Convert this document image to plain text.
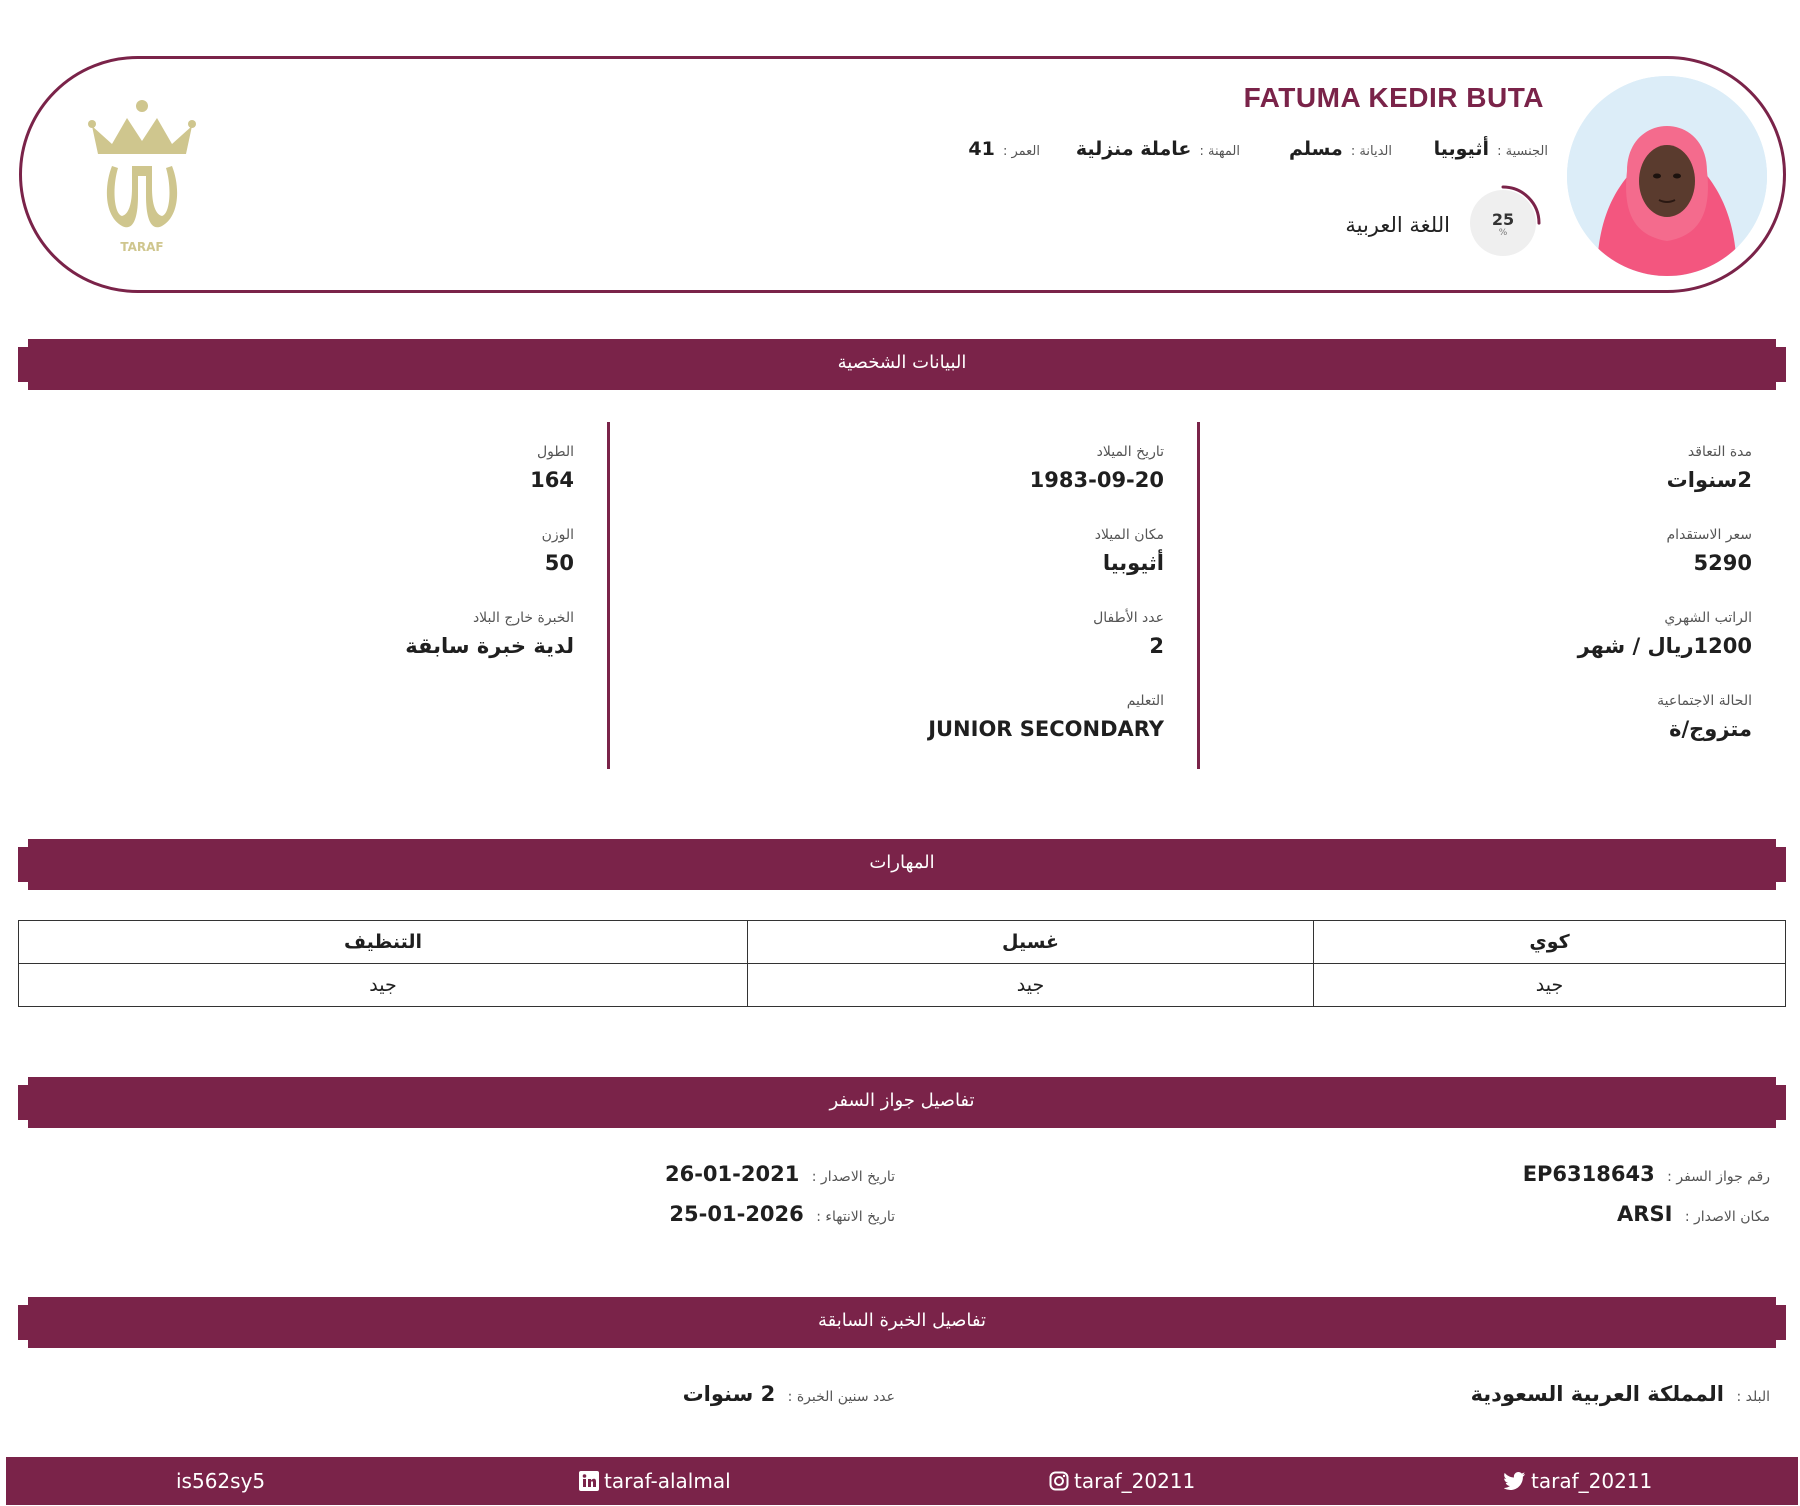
FATUMA KEDIR BUTA
الجنسية : أثيوبيا
الديانة : مسلم
المهنة : عاملة منزلية
العمر : 41
25
%
اللغة العربية
TARAF
البيانات الشخصية
مدة التعاقد
2سنوات
سعر الاستقدام
5290
الراتب الشهري
1200ريال / شهر
الحالة الاجتماعية
متزوج/ة
تاريخ الميلاد
1983-09-20
مكان الميلاد
أثيوبيا
عدد الأطفال
2
التعليم
JUNIOR SECONDARY
الطول
164
الوزن
50
الخبرة خارج البلاد
لدية خبرة سابقة
المهارات
كوي	غسيل	التنظيف
جيد	جيد	جيد
تفاصيل جواز السفر
رقم جواز السفر : EP6318643
مكان الاصدار : ARSI
تاريخ الاصدار : 2021-01-26
تاريخ الانتهاء : 2026-01-25
تفاصيل الخبرة السابقة
البلد : المملكة العربية السعودية
عدد سنين الخبرة : 2 سنوات
is562sy5	taraf-alalmal	taraf_20211	taraf_20211
